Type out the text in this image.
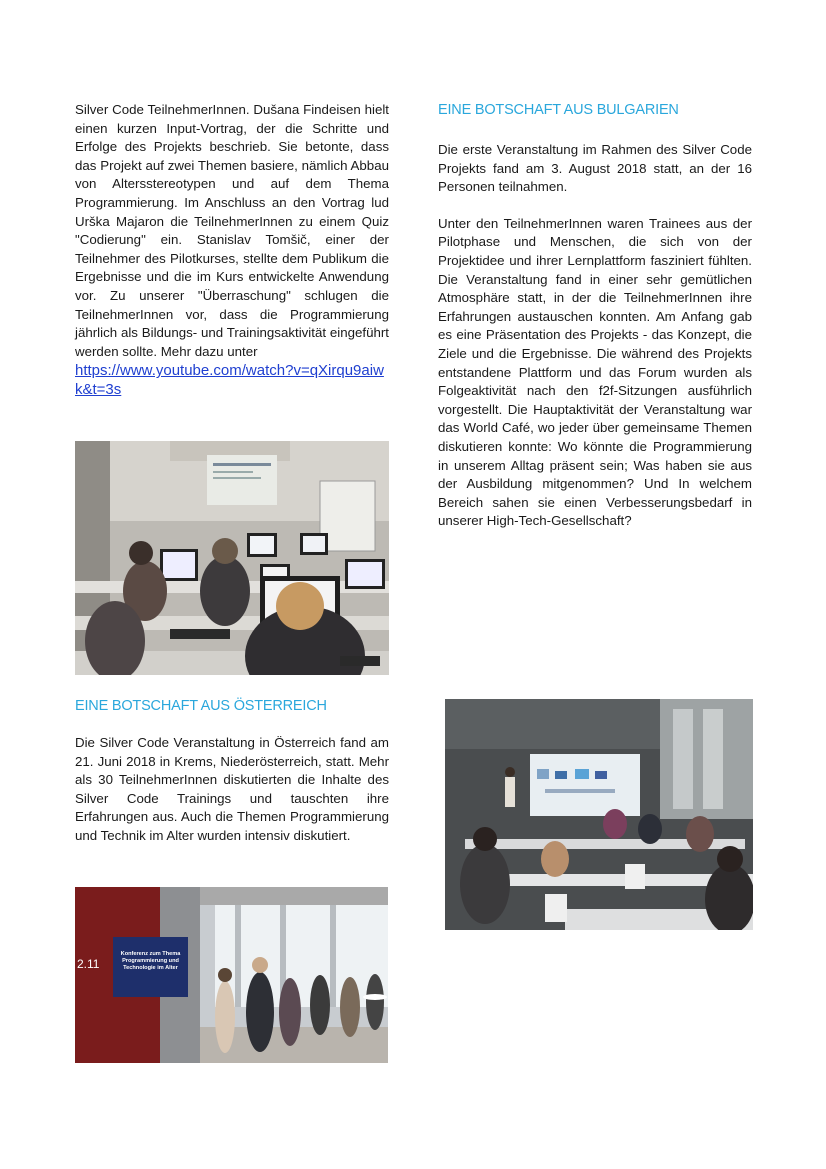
Silver Code TeilnehmerInnen. Dušana Findeisen hielt einen kurzen Input-Vortrag, der die Schritte und Erfolge des Projekts beschrieb. Sie betonte, dass das Projekt auf zwei Themen basiere, nämlich Abbau von Altersstereotypen und auf dem Thema Programmierung. Im Anschluss an den Vortrag lud Urška Majaron die TeilnehmerInnen zu einem Quiz "Codierung" ein. Stanislav Tomšič, einer der Teilnehmer des Pilotkurses, stellte dem Publikum die Ergebnisse und die im Kurs entwickelte Anwendung vor. Zu unserer "Überraschung" schlugen die TeilnehmerInnen vor, dass die Programmierung jährlich als Bildungs- und Trainingsaktivität eingeführt werden sollte. Mehr dazu unter

https://www.youtube.com/watch?v=qXirqu9aiwk&t=3s
EINE BOTSCHAFT AUS BULGARIEN

Die erste Veranstaltung im Rahmen des Silver Code Projekts fand am 3. August 2018 statt, an der 16 Personen teilnahmen.

Unter den TeilnehmerInnen waren Trainees aus der Pilotphase und Menschen, die sich von der Projektidee und ihrer Lernplattform fasziniert fühlten. Die Veranstaltung fand in einer sehr gemütlichen Atmosphäre statt, in der die TeilnehmerInnen ihre Erfahrungen austauschen konnten. Am Anfang gab es eine Präsentation des Projekts - das Konzept, die Ziele und die Ergebnisse. Die während des Projekts entstandene Plattform und das Forum wurden als Folgeaktivität nach den f2f-Sitzungen ausführlich vorgestellt. Die Hauptaktivität der Veranstaltung war das World Café, wo jeder über gemeinsame Themen diskutieren konnte: Wo könnte die Programmierung in unserem Alltag präsent sein; Was haben sie aus der Ausbildung mitgenommen? Und In welchem Bereich sahen sie einen Verbesserungsbedarf in unserer High-Tech-Gesellschaft?

EINE BOTSCHAFT AUS ÖSTERREICH

Die Silver Code Veranstaltung in Österreich fand am 21. Juni 2018 in Krems, Niederösterreich, statt. Mehr als 30 TeilnehmerInnen diskutierten die Inhalte des Silver Code Trainings und tauschten ihre Erfahrungen aus. Auch die Themen Programmierung und Technik im Alter wurden intensiv diskutiert.

2.11
Konferenz zum Thema
Programmierung und
Technologie im Alter
